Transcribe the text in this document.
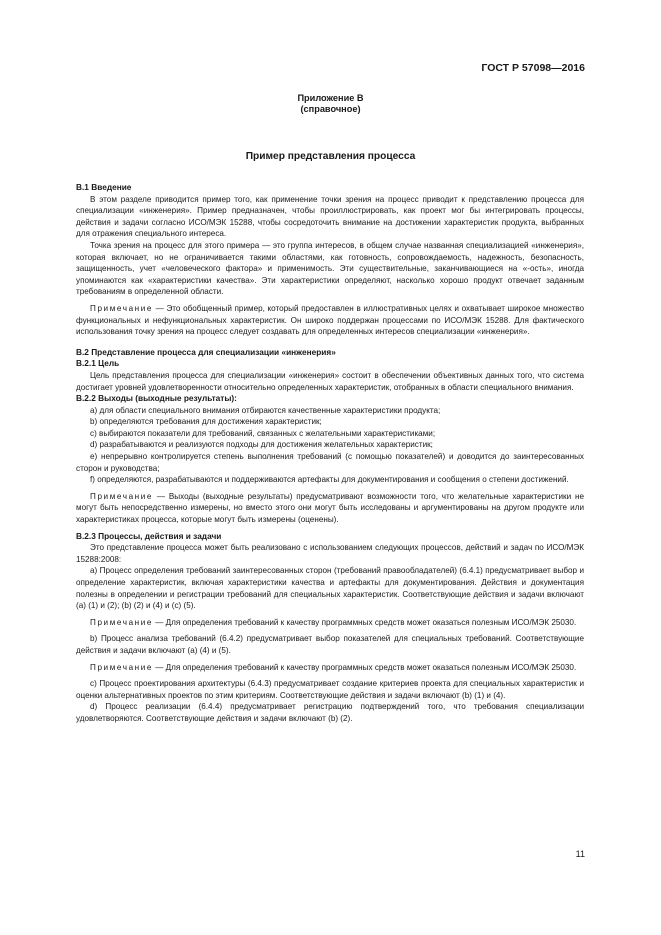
ГОСТ Р 57098—2016
Приложение В
(справочное)
Пример представления процесса
В.1 Введение

В этом разделе приводится пример того, как применение точки зрения на процесс приводит к представлению процесса для специализации «инженерия». Пример предназначен, чтобы проиллюстрировать, как проект мог бы интегрировать процессы, действия и задачи согласно ИСО/МЭК 15288, чтобы сосредоточить внимание на достижении характеристик продукта, выбранных для отражения специального интереса.

Точка зрения на процесс для этого примера — это группа интересов, в общем случае названная специализацией «инженерия», которая включает, но не ограничивается такими областями, как готовность, сопровождаемость, надежность, безопасность, защищенность, учет «человеческого фактора» и применимость. Эти существительные, заканчивающиеся на «-ость», иногда упоминаются как «характеристики качества». Эти характеристики определяют, насколько хорошо продукт отвечает заданным требованиям в определенной области.

Примечание — Это обобщенный пример, который предоставлен в иллюстративных целях и охватывает широкое множество функциональных и нефункциональных характеристик. Он широко поддержан процессами по ИСО/МЭК 15288. Для фактического использования точку зрения на процесс следует создавать для определенных интересов специализации «инженерия».

В.2 Представление процесса для специализации «инженерия»
В.2.1 Цель

Цель представления процесса для специализации «инженерия» состоит в обеспечении объективных данных того, что система достигает уровней удовлетворенности относительно определенных характеристик, отобранных в области специального внимания.

В.2.2 Выходы (выходные результаты):

a) для области специального внимания отбираются качественные характеристики продукта;

b) определяются требования для достижения характеристик;

c) выбираются показатели для требований, связанных с желательными характеристиками;

d) разрабатываются и реализуются подходы для достижения желательных характеристик;

e) непрерывно контролируется степень выполнения требований (с помощью показателей) и доводится до заинтересованных сторон и руководства;

f) определяются, разрабатываются и поддерживаются артефакты для документирования и сообщения о степени достижений.

Примечание — Выходы (выходные результаты) предусматривают возможности того, что желательные характеристики не могут быть непосредственно измерены, но вместо этого они могут быть исследованы и аргументированы на другом продукте или характеристиках процесса, которые могут быть измерены (оценены).

В.2.3 Процессы, действия и задачи

Это представление процесса может быть реализовано с использованием следующих процессов, действий и задач по ИСО/МЭК 15288:2008:

a) Процесс определения требований заинтересованных сторон (требований правообладателей) (6.4.1) предусматривает выбор и определение характеристик, включая характеристики качества и артефакты для документирования. Действия и документация полезны в определении и регистрации требований для специальных характеристик. Соответствующие действия и задачи включают (a) (1) и (2); (b) (2) и (4) и (c) (5).

Примечание — Для определения требований к качеству программных средств может оказаться полезным ИСО/МЭК 25030.

b) Процесс анализа требований (6.4.2) предусматривает выбор показателей для специальных требований. Соответствующие действия и задачи включают (a) (4) и (5).

Примечание — Для определения требований к качеству программных средств может оказаться полезным ИСО/МЭК 25030.

c) Процесс проектирования архитектуры (6.4.3) предусматривает создание критериев проекта для специальных характеристик и оценки альтернативных проектов по этим критериям. Соответствующие действия и задачи включают (b) (1) и (4).

d) Процесс реализации (6.4.4) предусматривает регистрацию подтверждений того, что требования специализации удовлетворяются. Соответствующие действия и задачи включают (b) (2).

11
